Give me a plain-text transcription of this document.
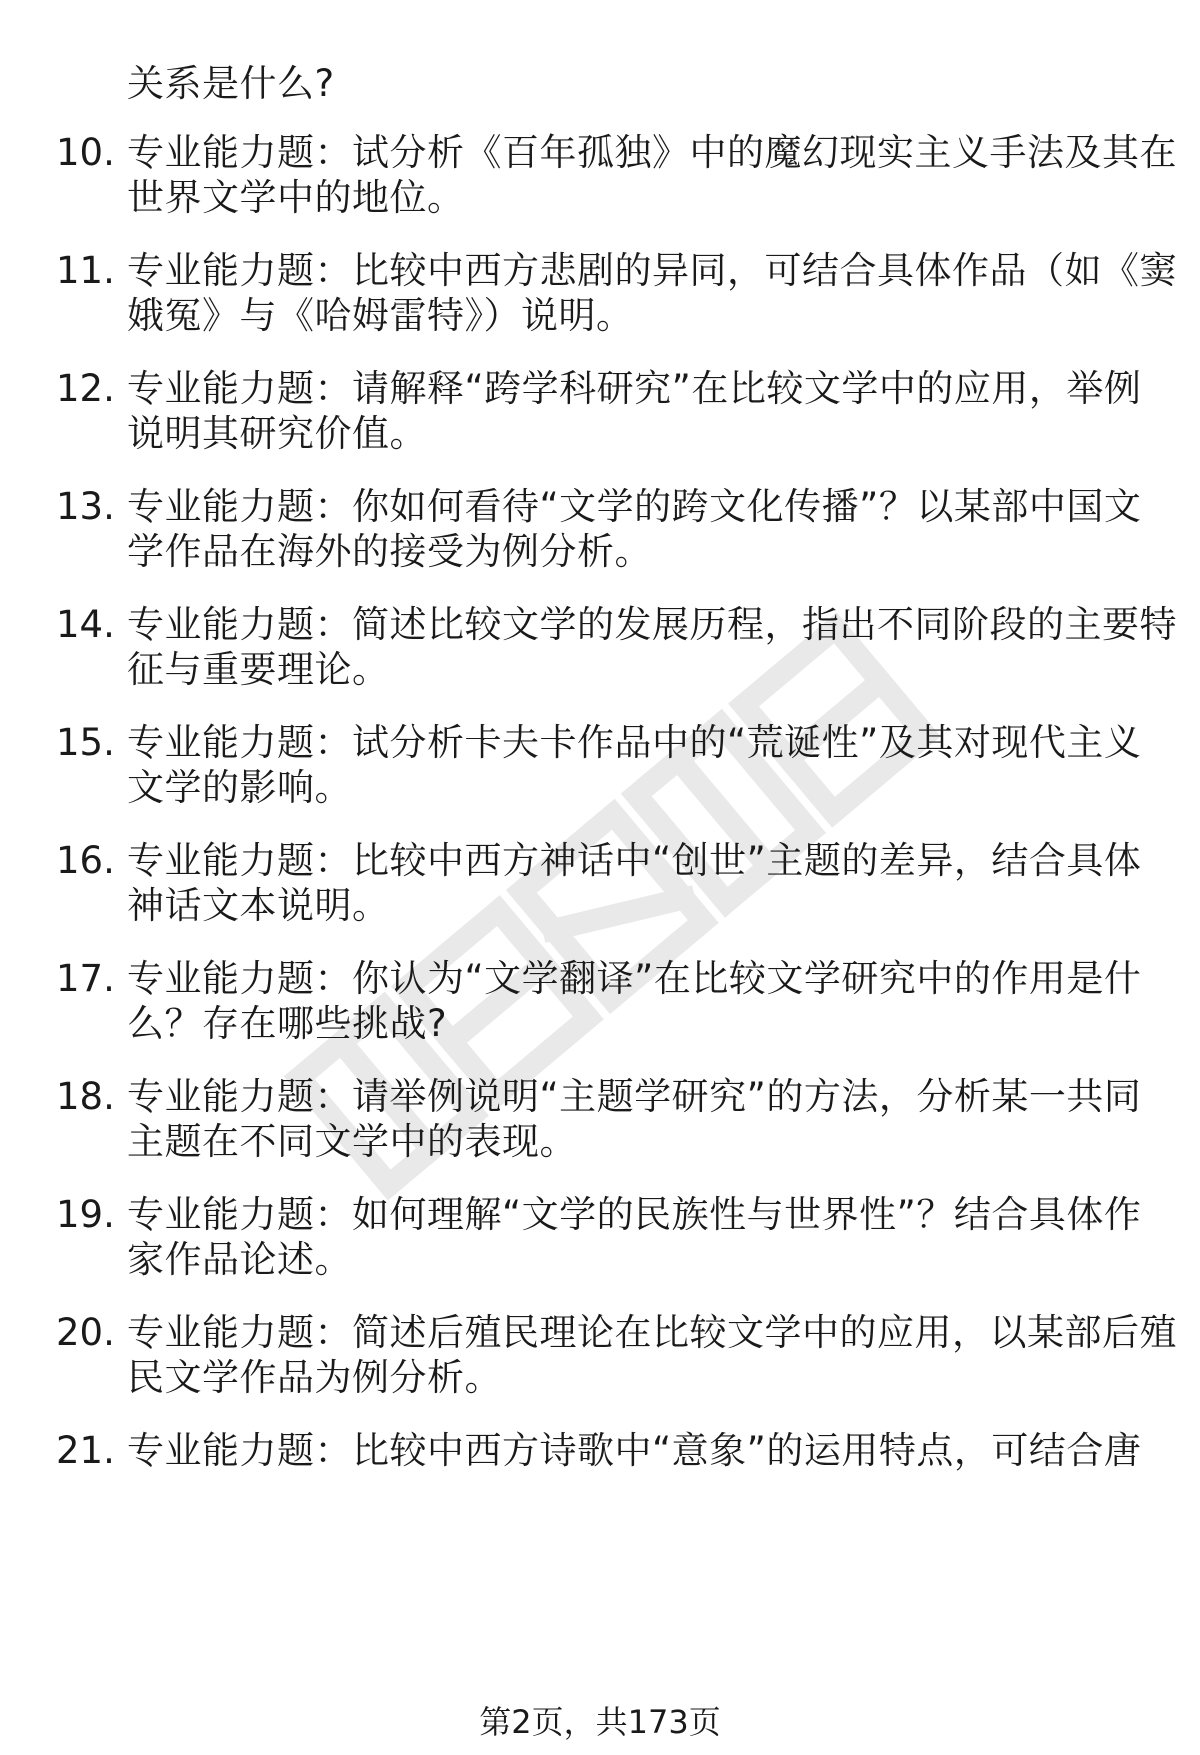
关系是什么?
10. 专业能力题：试分析《百年孤独》中的魔幻现实主义手法及其在
世界文学中的地位。
11. 专业能力题：比较中西方悲剧的异同，可结合具体作品（如《窦
娥冤》与《哈姆雷特》）说明。
12. 专业能力题：请解释“跨学科研究”在比较文学中的应用，举例
说明其研究价值。
13. 专业能力题：你如何看待“文学的跨文化传播”？以某部中国文
学作品在海外的接受为例分析。
14. 专业能力题：简述比较文学的发展历程，指出不同阶段的主要特
征与重要理论。
15. 专业能力题：试分析卡夫卡作品中的“荒诞性”及其对现代主义
文学的影响。
16. 专业能力题：比较中西方神话中“创世”主题的差异，结合具体
神话文本说明。
17. 专业能力题：你认为“文学翻译”在比较文学研究中的作用是什
么？存在哪些挑战?
18. 专业能力题：请举例说明“主题学研究”的方法，分析某一共同
主题在不同文学中的表现。
19. 专业能力题：如何理解“文学的民族性与世界性”？结合具体作
家作品论述。
20. 专业能力题：简述后殖民理论在比较文学中的应用，以某部后殖
民文学作品为例分析。
21. 专业能力题：比较中西方诗歌中“意象”的运用特点，可结合唐
第2页，共173页
